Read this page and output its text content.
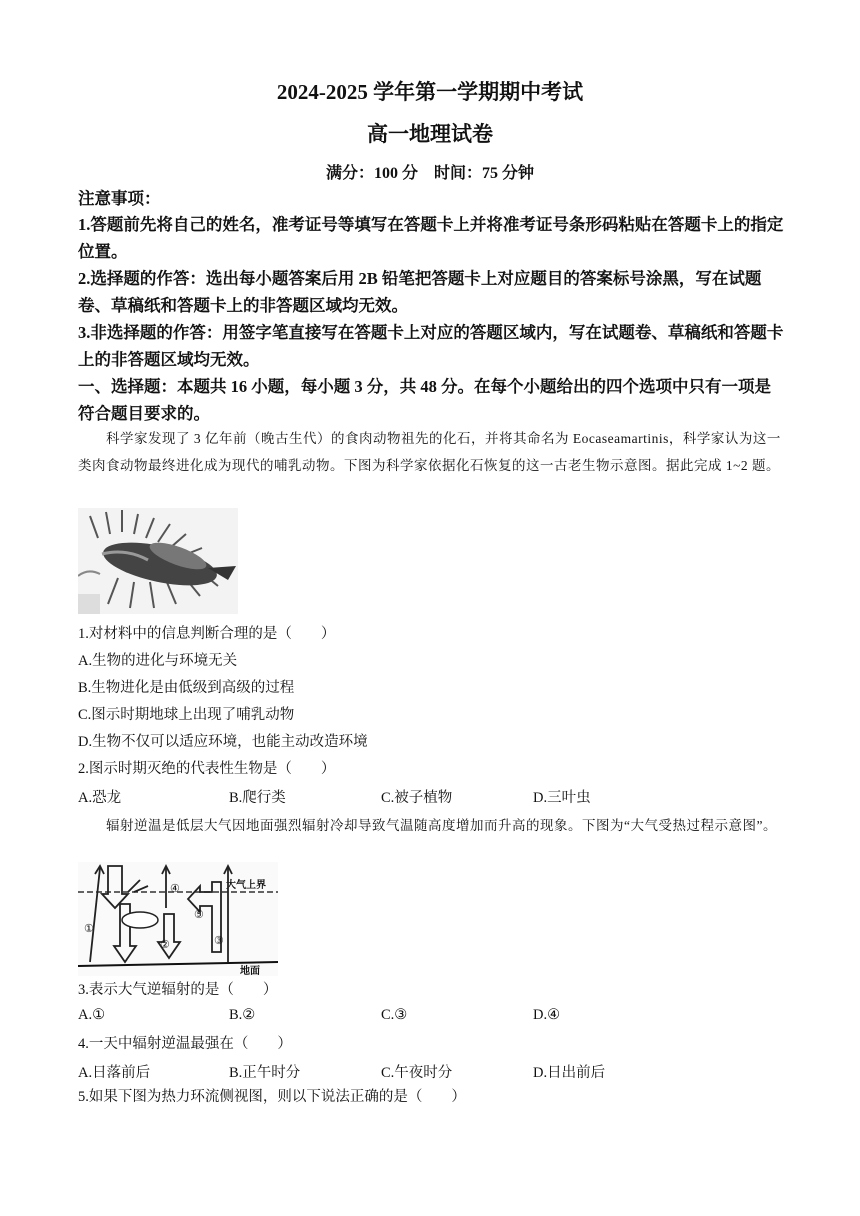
2024-2025 学年第一学期期中考试
高一地理试卷
满分：100 分　时间：75 分钟
注意事项：
1.答题前先将自己的姓名，准考证号等填写在答题卡上并将准考证号条形码粘贴在答题卡上的指定位置。
2.选择题的作答：选出每小题答案后用 2B 铅笔把答题卡上对应题目的答案标号涂黑，写在试题卷、草稿纸和答题卡上的非答题区域均无效。
3.非选择题的作答：用签字笔直接写在答题卡上对应的答题区域内，写在试题卷、草稿纸和答题卡上的非答题区域均无效。
一、选择题：本题共 16 小题，每小题 3 分，共 48 分。在每个小题给出的四个选项中只有一项是符合题目要求的。
科学家发现了 3 亿年前（晚古生代）的食肉动物祖先的化石，并将其命名为 Eocaseamartinis，科学家认为这一类肉食动物最终进化成为现代的哺乳动物。下图为科学家依据化石恢复的这一古老生物示意图。据此完成 1~2 题。
1.对材料中的信息判断合理的是（　　）
A.生物的进化与环境无关
B.生物进化是由低级到高级的过程
C.图示时期地球上出现了哺乳动物
D.生物不仅可以适应环境，也能主动改造环境
2.图示时期灭绝的代表性生物是（　　）
A.恐龙	B.爬行类	C.被子植物	D.三叶虫
辐射逆温是低层大气因地面强烈辐射冷却导致气温随高度增加而升高的现象。下图为“大气受热过程示意图”。
大气上界
地面
①
②	③
④
⑤
3.表示大气逆辐射的是（　　）
A.①	B.②	C.③	D.④
4.一天中辐射逆温最强在（　　）
A.日落前后	B.正午时分	C.午夜时分	D.日出前后
5.如果下图为热力环流侧视图，则以下说法正确的是（　　）
